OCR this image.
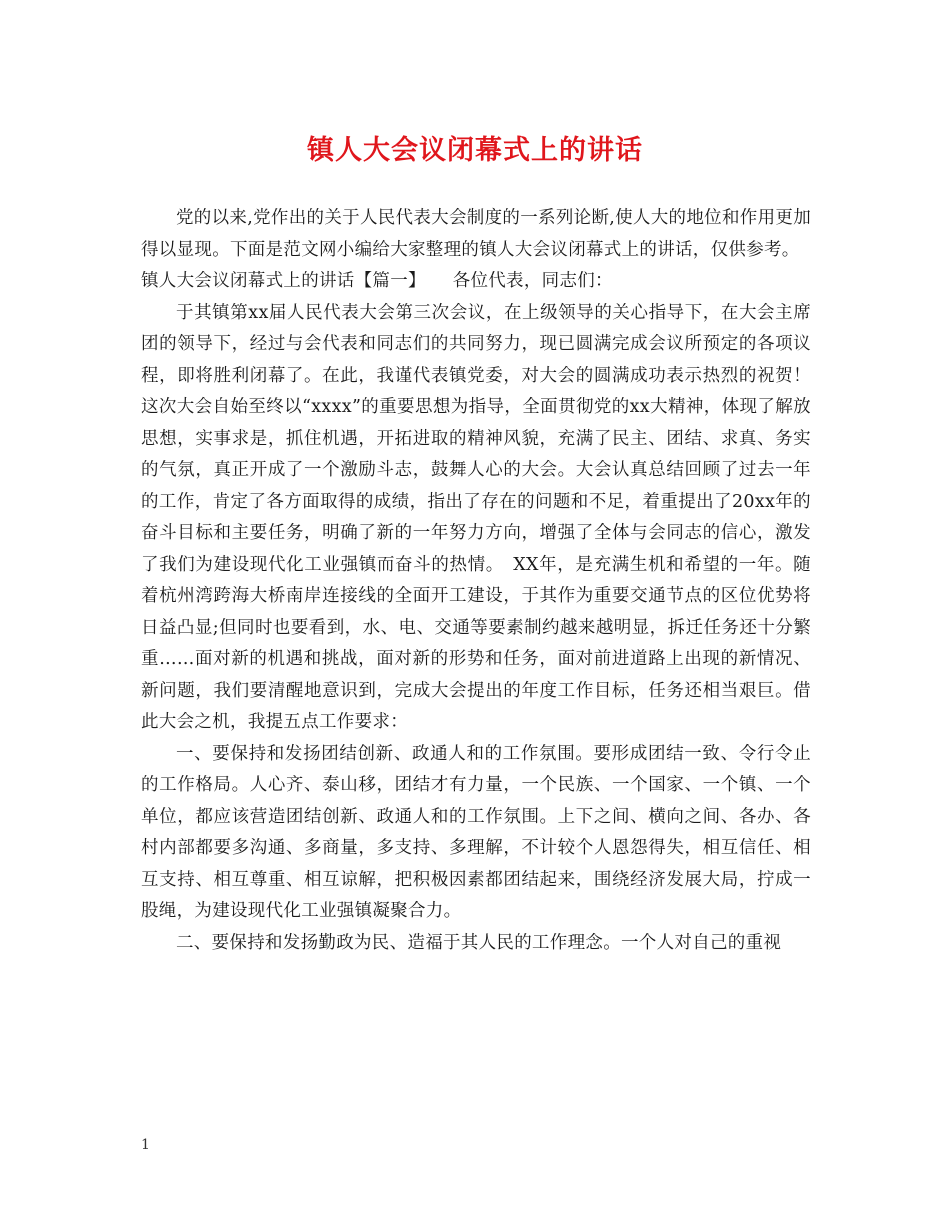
镇人大会议闭幕式上的讲话

党的以来,党作出的关于人民代表大会制度的一系列论断,使人大的地位和作用更加得以显现。下面是范文网小编给大家整理的镇人大会议闭幕式上的讲话，仅供参考。

镇人大会议闭幕式上的讲话【篇一】　　各位代表，同志们：

于其镇第xx届人民代表大会第三次会议，在上级领导的关心指导下，在大会主席团的领导下，经过与会代表和同志们的共同努力，现已圆满完成会议所预定的各项议程，即将胜利闭幕了。在此，我谨代表镇党委，对大会的圆满成功表示热烈的祝贺！这次大会自始至终以“xxxx”的重要思想为指导，全面贯彻党的xx大精神，体现了解放思想，实事求是，抓住机遇，开拓进取的精神风貌，充满了民主、团结、求真、务实的气氛，真正开成了一个激励斗志，鼓舞人心的大会。大会认真总结回顾了过去一年的工作，肯定了各方面取得的成绩，指出了存在的问题和不足，着重提出了20xx年的奋斗目标和主要任务，明确了新的一年努力方向，增强了全体与会同志的信心，激发了我们为建设现代化工业强镇而奋斗的热情。　XX年，是充满生机和希望的一年。随着杭州湾跨海大桥南岸连接线的全面开工建设，于其作为重要交通节点的区位优势将日益凸显;但同时也要看到，水、电、交通等要素制约越来越明显，拆迁任务还十分繁重……面对新的机遇和挑战，面对新的形势和任务，面对前进道路上出现的新情况、新问题，我们要清醒地意识到，完成大会提出的年度工作目标，任务还相当艰巨。借此大会之机，我提五点工作要求：

一、要保持和发扬团结创新、政通人和的工作氛围。要形成团结一致、令行令止的工作格局。人心齐、泰山移，团结才有力量，一个民族、一个国家、一个镇、一个单位，都应该营造团结创新、政通人和的工作氛围。上下之间、横向之间、各办、各村内部都要多沟通、多商量，多支持、多理解，不计较个人恩怨得失，相互信任、相互支持、相互尊重、相互谅解，把积极因素都团结起来，围绕经济发展大局，拧成一股绳，为建设现代化工业强镇凝聚合力。

二、要保持和发扬勤政为民、造福于其人民的工作理念。一个人对自己的重视

1
